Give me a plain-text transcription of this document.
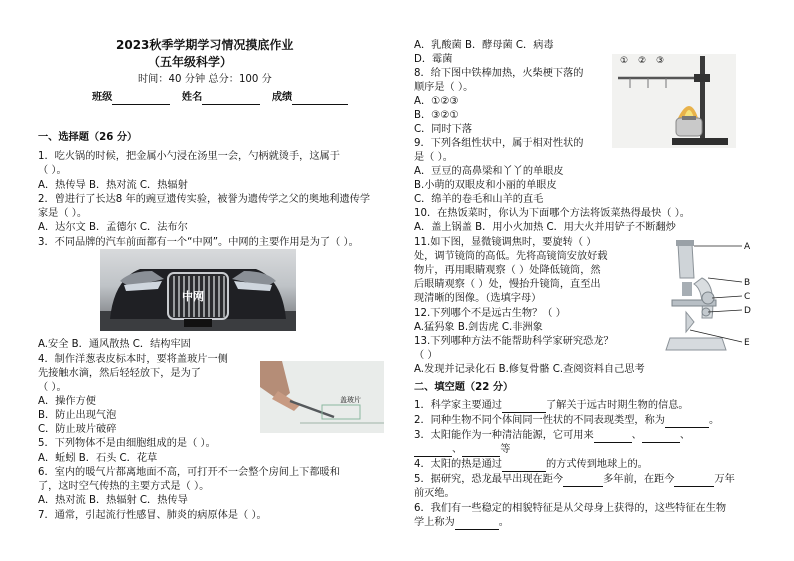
2023秋季学期学习情况摸底作业
（五年级科学）
时间：40 分钟 总分：100 分
班级	姓名	成绩
一、选择题（26 分）
1．吃火锅的时候，把金属小勺浸在汤里一会，勺柄就烫手，这属于
（ ）。
A．热传导 B．热对流 C．热辐射
2．曾进行了长达8 年的豌豆遗传实验，被誉为遗传学之父的奥地利遗传学
家是（ ）。
A．达尔文 B．孟德尔 C．法布尔
3．不同品牌的汽车前面都有一个“中网”。中网的主要作用是为了（ ）。
中网
A.安全 B．通风散热 C．结构牢固
4．制作洋葱表皮标本时，要将盖玻片一侧
先接触水滴，然后轻轻放下，是为了
（ ）。
A．操作方便
B．防止出现气泡
C．防止玻片破碎
盖玻片
5．下列物体不是由细胞组成的是（ ）。
A．蚯蚓 B．石头 C．花草
6．室内的暖气片都离地面不高，可打开不一会整个房间上下都暖和
了，这时空气传热的主要方式是（ ）。
A．热对流 B．热辐射 C．热传导
7．通常，引起流行性感冒、肺炎的病原体是（ ）。
A．乳酸菌 B．酵母菌 C．病毒
D．霉菌
8．给下图中铁棒加热，火柴梗下落的
顺序是（ ）。
A．①②③
B．③②①
C．同时下落
① ② ③
9．下列各组性状中，属于相对性状的
是（ ）。
A．豆豆的高鼻梁和丫丫的单眼皮
B.小萌的双眼皮和小丽的单眼皮
C．绵羊的卷毛和山羊的直毛
10．在热饭菜时，你认为下面哪个方法将饭菜热得最快（ ）。
A．盖上锅盖 B．用小火加热 C．用大火并用铲子不断翻炒
11.如下图，显微镜调焦时，要旋转（ ）
处，调节镜筒的高低。先将高镜筒安放好载
物片，再用眼睛观察（ ）处降低镜筒，然
后眼睛观察（ ）处，慢抬升镜筒，直至出
现清晰的图像。（选填字母）
A
B
C
D
E
12.下列哪个不是远古生物？（ ）
A.猛犸象 B.剑齿虎 C.非洲象
13.下列哪种方法不能帮助科学家研究恐龙？
（ ）
A.发现并记录化石 B.修复骨骼 C.查阅资料自己思考
二、填空题（22 分）
1．科学家主要通过	了解关于远古时期生物的信息。
2．同种生物不同个体间同一性状的不同表现类型，称为	。
3．太阳能作为一种清洁能源，它可用来	、	、
、	等
4．太阳的热是通过	的方式传到地球上的。
5．据研究，恐龙最早出现在距今	多年前，在距今	万年
前灭绝。
6．我们有一些稳定的相貌特征是从父母身上获得的，这些特征在生物
学上称为	。
